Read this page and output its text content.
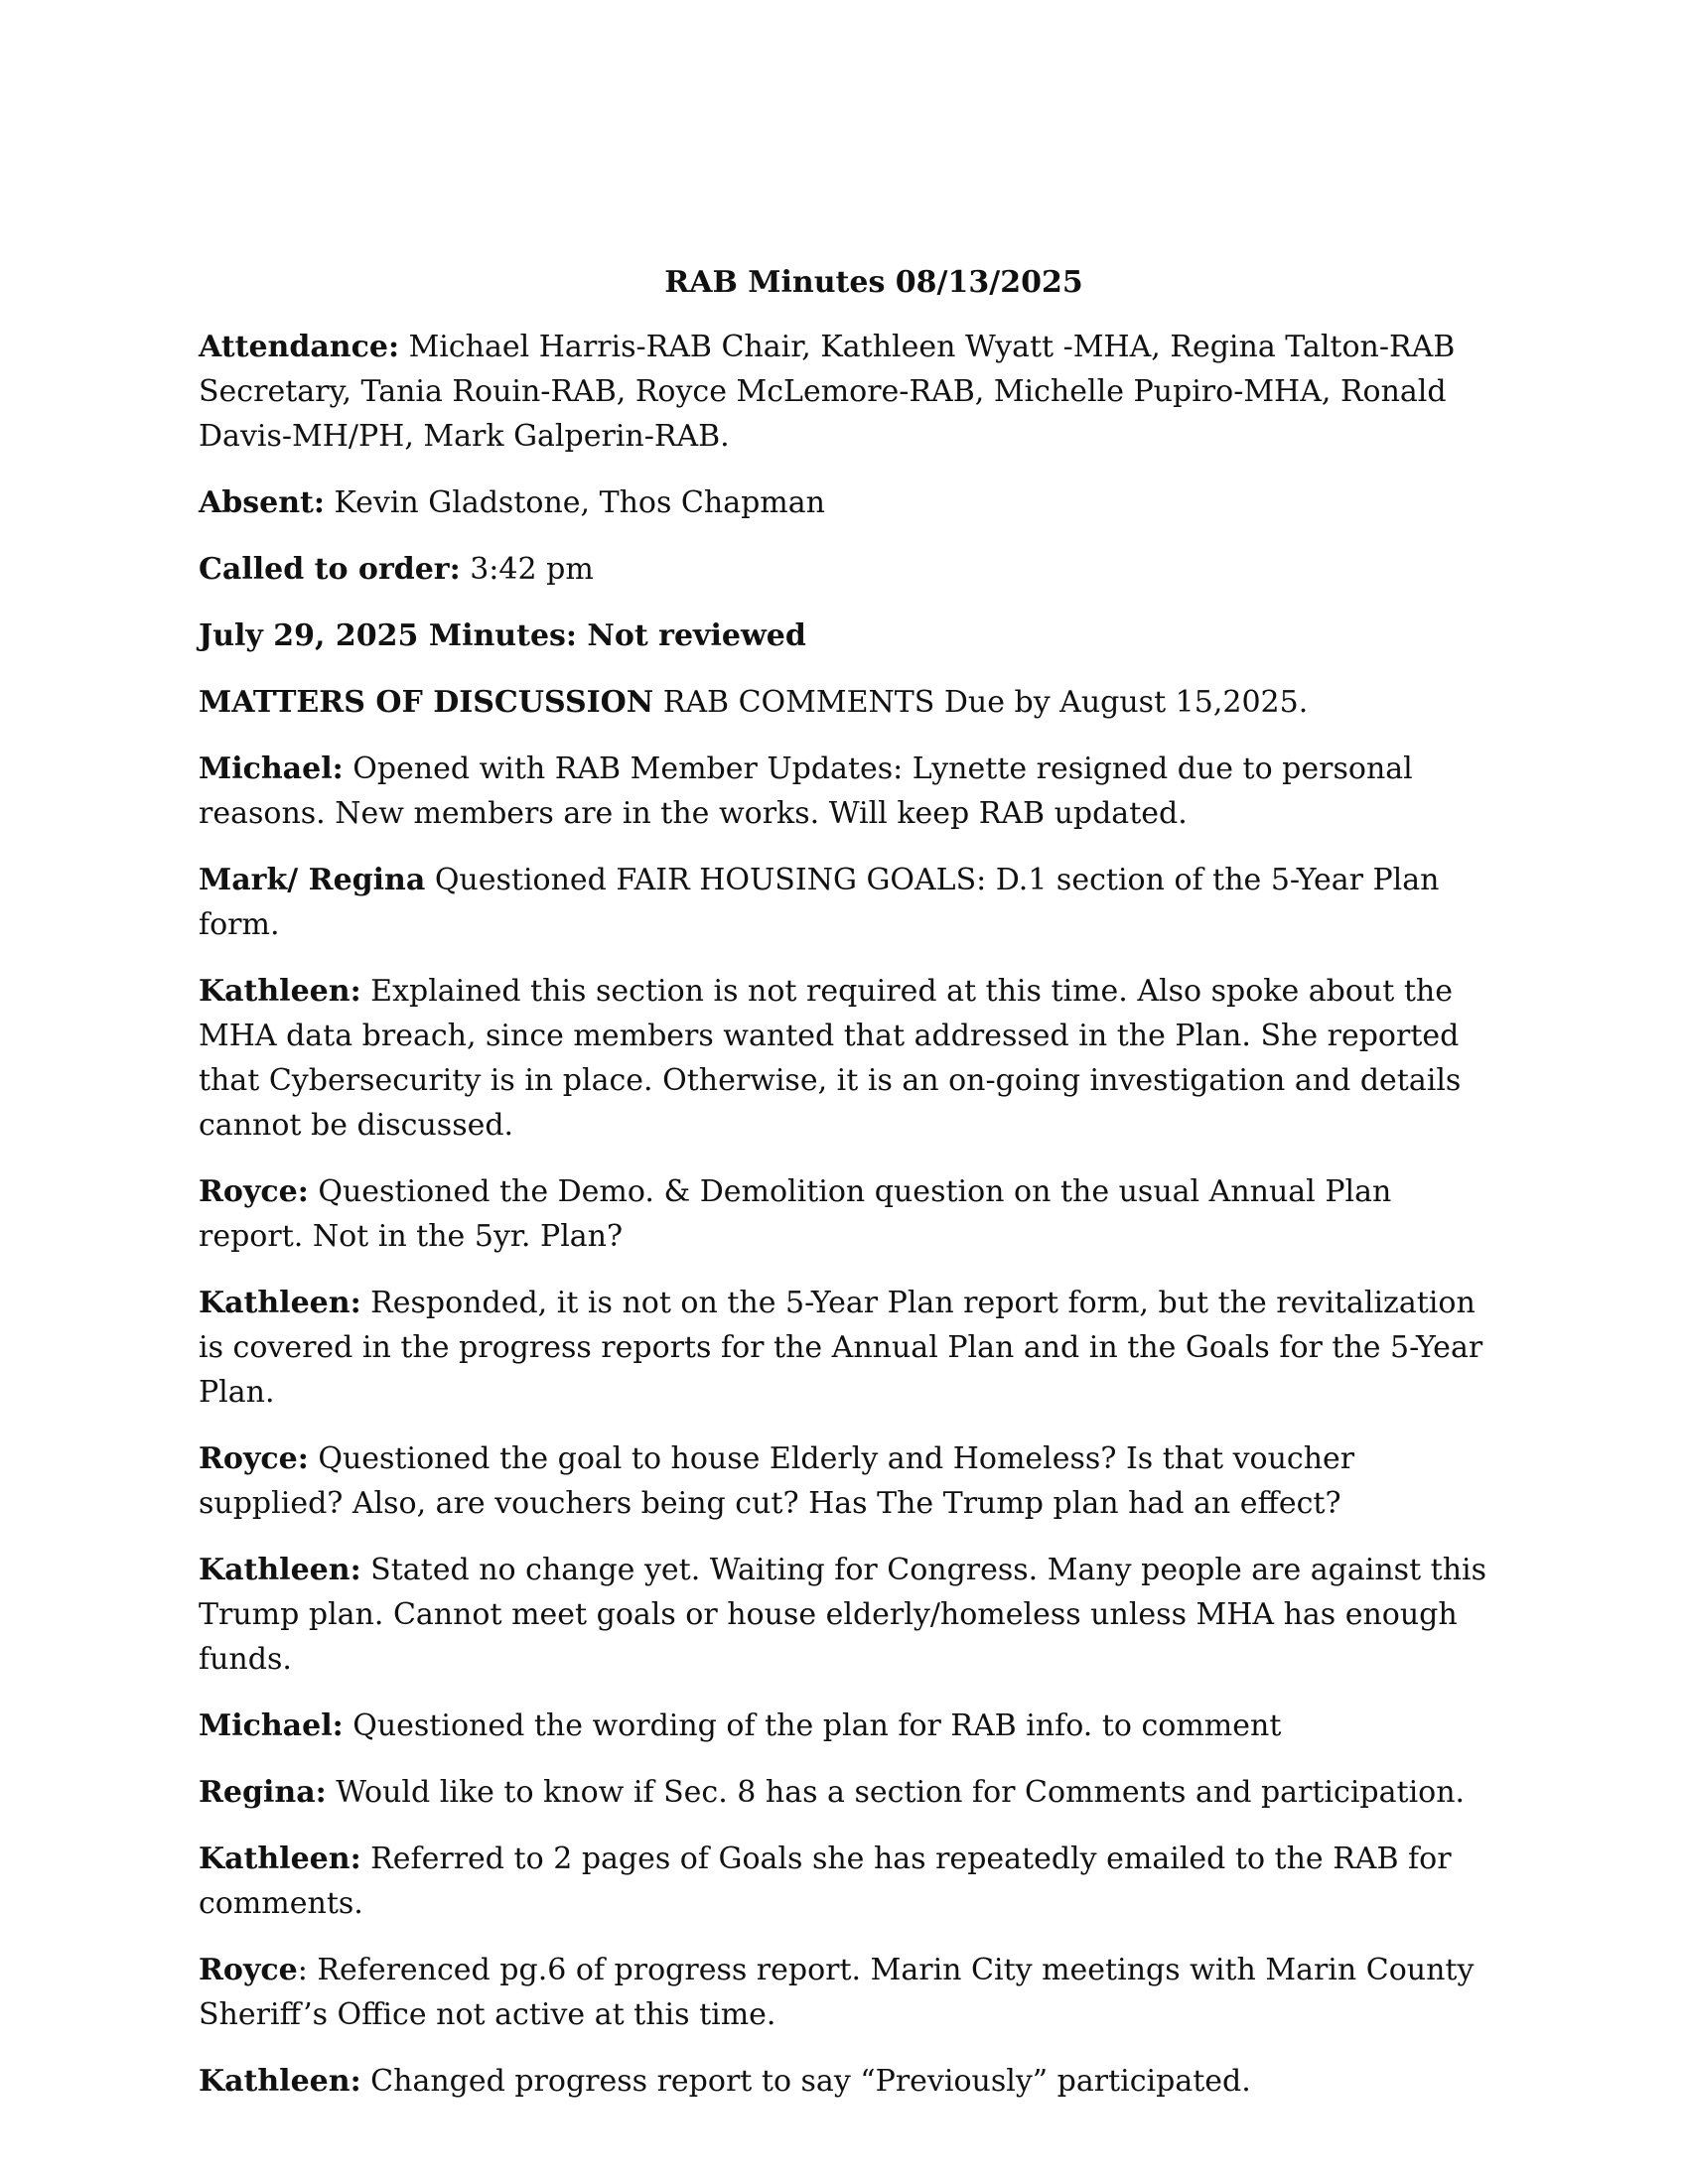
RAB Minutes 08/13/2025

Attendance: Michael Harris-RAB Chair, Kathleen Wyatt -MHA, Regina Talton-RAB Secretary, Tania Rouin-RAB, Royce McLemore-RAB, Michelle Pupiro-MHA, Ronald Davis-MH/PH, Mark Galperin-RAB.

Absent: Kevin Gladstone, Thos Chapman

Called to order: 3:42 pm

July 29, 2025 Minutes: Not reviewed

MATTERS OF DISCUSSION RAB COMMENTS Due by August 15,2025.

Michael: Opened with RAB Member Updates: Lynette resigned due to personal reasons. New members are in the works. Will keep RAB updated.

Mark/ Regina Questioned FAIR HOUSING GOALS: D.1 section of the 5-Year Plan form.

Kathleen: Explained this section is not required at this time. Also spoke about the MHA data breach, since members wanted that addressed in the Plan. She reported that Cybersecurity is in place. Otherwise, it is an on-going investigation and details cannot be discussed.

Royce: Questioned the Demo. & Demolition question on the usual Annual Plan report. Not in the 5yr. Plan?

Kathleen: Responded, it is not on the 5-Year Plan report form, but the revitalization is covered in the progress reports for the Annual Plan and in the Goals for the 5-Year Plan.

Royce: Questioned the goal to house Elderly and Homeless? Is that voucher supplied? Also, are vouchers being cut? Has The Trump plan had an effect?

Kathleen: Stated no change yet. Waiting for Congress. Many people are against this Trump plan. Cannot meet goals or house elderly/homeless unless MHA has enough funds.

Michael: Questioned the wording of the plan for RAB info. to comment

Regina: Would like to know if Sec. 8 has a section for Comments and participation.

Kathleen: Referred to 2 pages of Goals she has repeatedly emailed to the RAB for comments.

Royce: Referenced pg.6 of progress report. Marin City meetings with Marin County Sheriff’s Office not active at this time.

Kathleen: Changed progress report to say “Previously” participated.
